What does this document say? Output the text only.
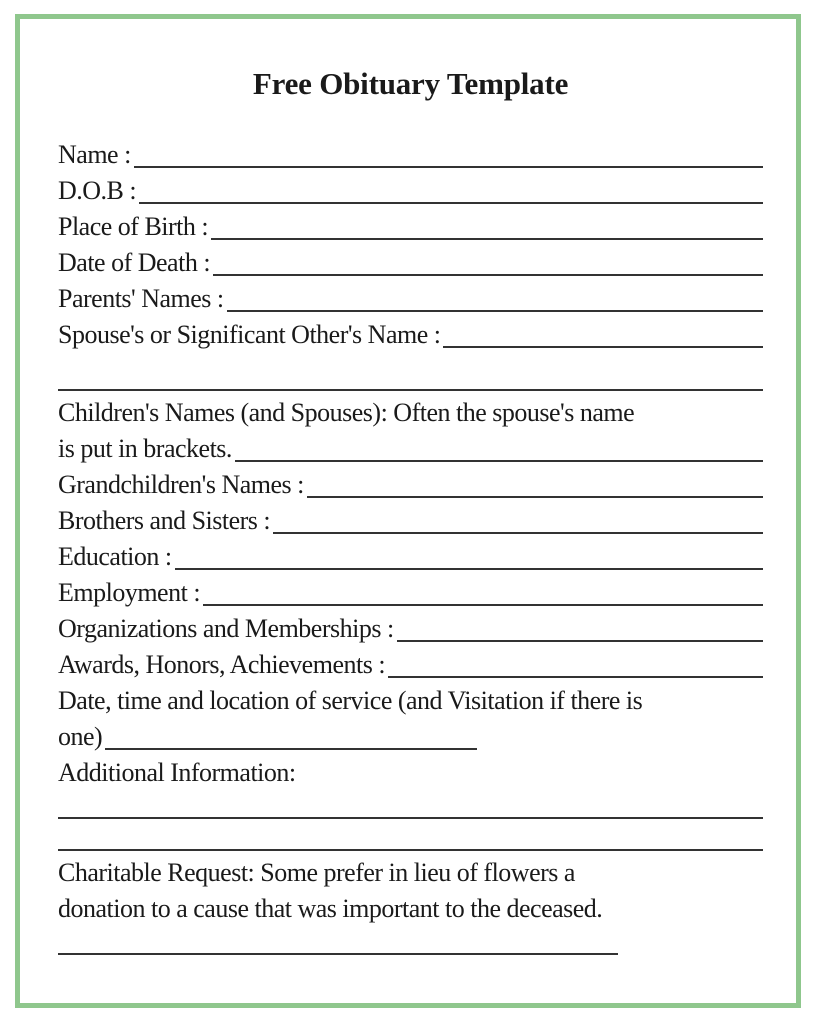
Free Obituary Template
Name :
D.O.B :
Place of Birth :
Date of Death :
Parents' Names :
Spouse's or Significant Other's Name :
Children's Names (and Spouses): Often the spouse's name
is put in brackets.
Grandchildren's Names :
Brothers and Sisters :
Education :
Employment :
Organizations and Memberships :
Awards, Honors, Achievements :
Date, time and location of service (and Visitation if there is
one)
Additional Information:
Charitable Request: Some prefer in lieu of flowers a
donation to a cause that was important to the deceased.
